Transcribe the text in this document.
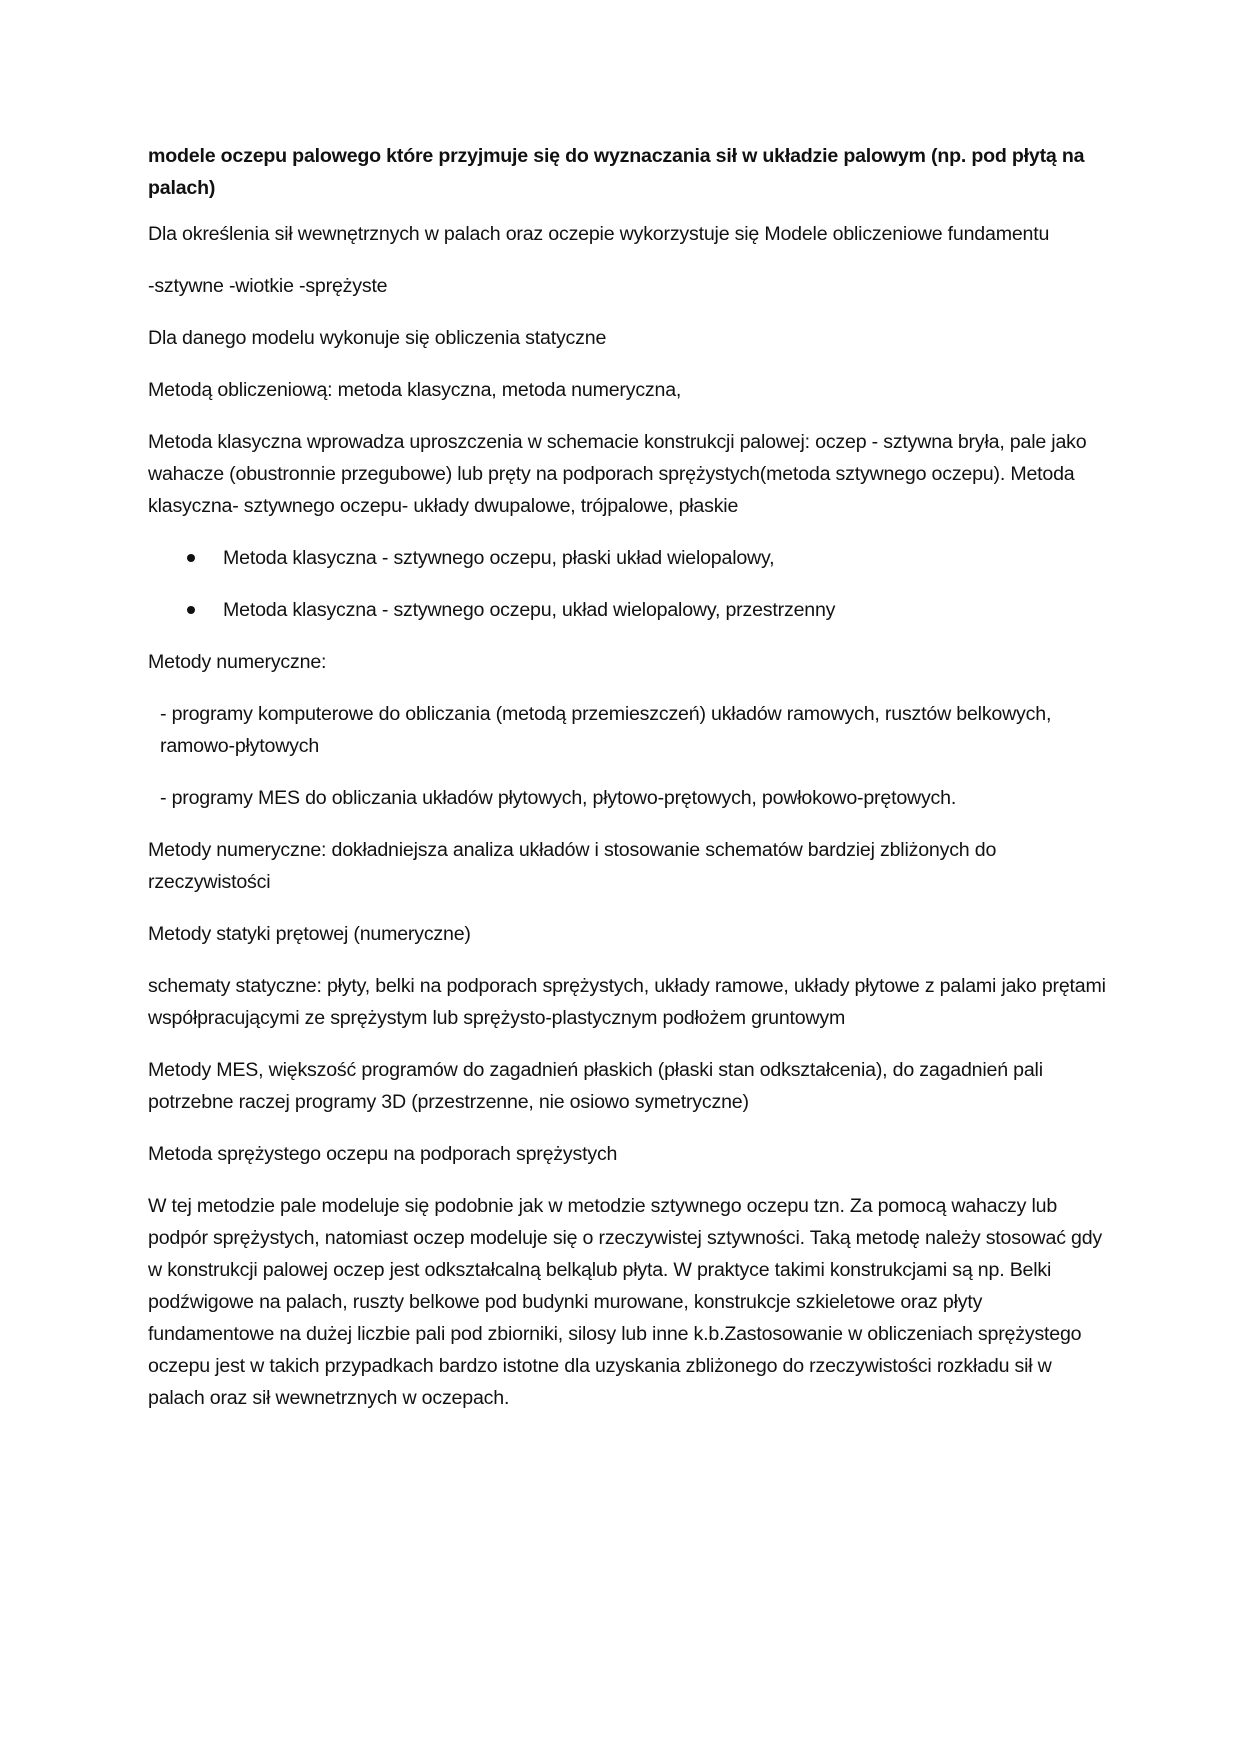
modele oczepu palowego które przyjmuje się do wyznaczania sił w układzie palowym (np. pod płytą na palach)

Dla określenia sił wewnętrznych w palach oraz oczepie wykorzystuje się Modele obliczeniowe fundamentu

-sztywne -wiotkie -sprężyste

Dla danego modelu wykonuje się obliczenia statyczne

Metodą obliczeniową: metoda klasyczna, metoda numeryczna,

Metoda klasyczna wprowadza uproszczenia w schemacie konstrukcji palowej: oczep - sztywna bryła, pale jako wahacze (obustronnie przegubowe) lub pręty na podporach sprężystych(metoda sztywnego oczepu). Metoda klasyczna- sztywnego oczepu- układy dwupalowe, trójpalowe, płaskie

Metoda klasyczna - sztywnego oczepu, płaski układ wielopalowy,
Metoda klasyczna - sztywnego oczepu, układ wielopalowy, przestrzenny

Metody numeryczne:

- programy komputerowe do obliczania (metodą przemieszczeń) układów ramowych, rusztów belkowych, ramowo-płytowych

- programy MES do obliczania układów płytowych, płytowo-prętowych, powłokowo-prętowych.

Metody numeryczne: dokładniejsza analiza układów i stosowanie schematów bardziej zbliżonych do rzeczywistości

Metody statyki prętowej (numeryczne)

schematy statyczne: płyty, belki na podporach sprężystych, układy ramowe, układy płytowe z palami jako prętami współpracującymi ze sprężystym lub sprężysto-plastycznym podłożem gruntowym

Metody MES, większość programów do zagadnień płaskich (płaski stan odkształcenia), do zagadnień pali potrzebne raczej programy 3D (przestrzenne, nie osiowo symetryczne)

Metoda sprężystego oczepu na podporach sprężystych

W tej metodzie pale modeluje się podobnie jak w metodzie sztywnego oczepu tzn. Za pomocą wahaczy lub podpór sprężystych, natomiast oczep modeluje się o rzeczywistej sztywności. Taką metodę należy stosować gdy w konstrukcji palowej oczep jest odkształcalną belkąlub płyta. W praktyce takimi konstrukcjami są np. Belki podźwigowe na palach, ruszty belkowe pod budynki murowane, konstrukcje szkieletowe oraz płyty fundamentowe na dużej liczbie pali pod zbiorniki, silosy lub inne k.b.Zastosowanie w obliczeniach sprężystego oczepu jest w takich przypadkach bardzo istotne dla uzyskania zbliżonego do rzeczywistości rozkładu sił w palach oraz sił wewnetrznych w oczepach.
